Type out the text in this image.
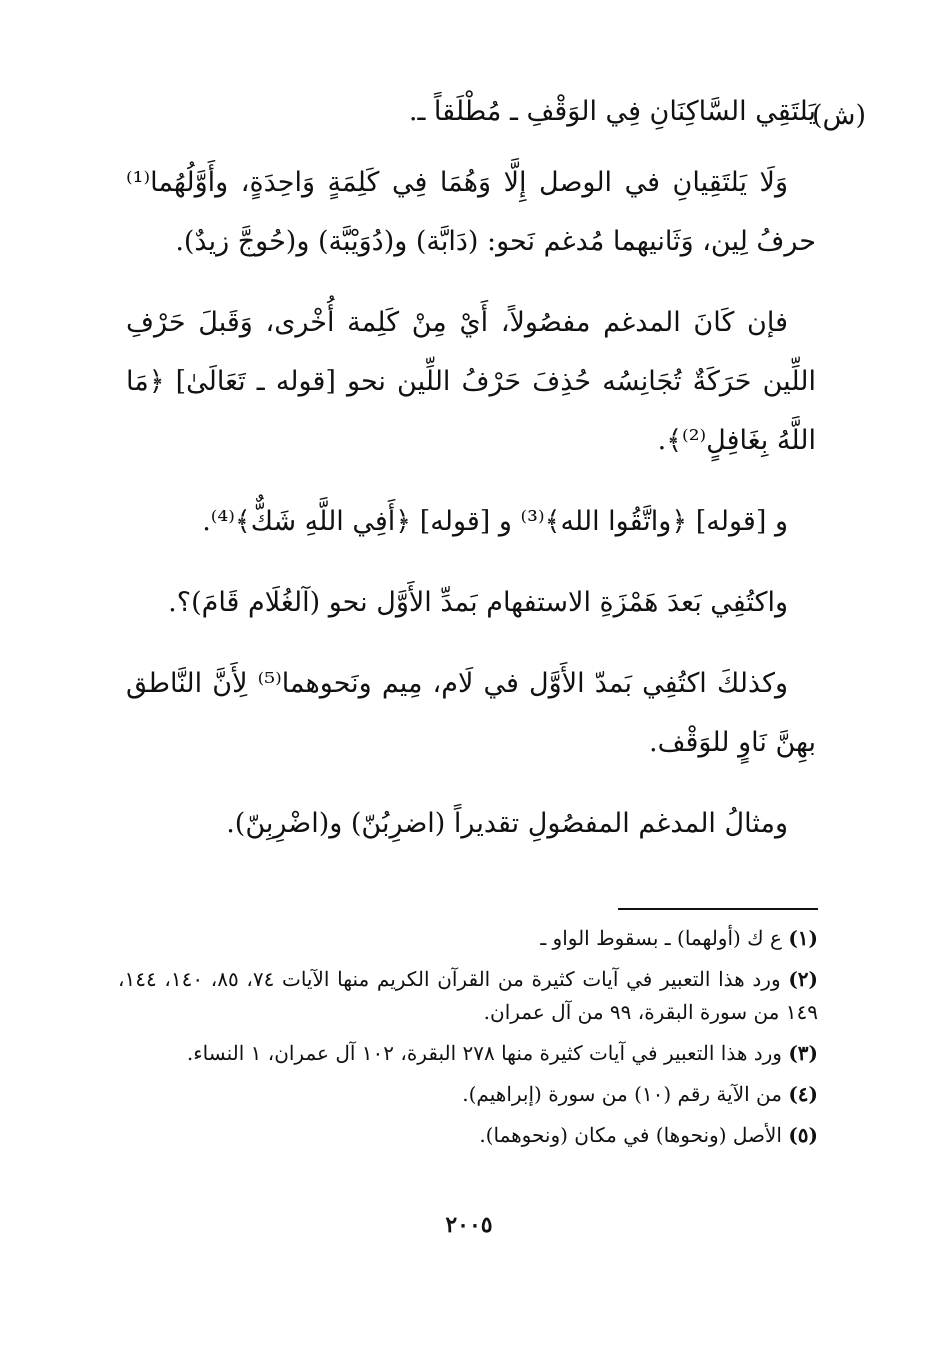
(ش)

يَلتَقِي السَّاكِنَانِ فِي الوَقْفِ ـ مُطْلَقاً ـ.

وَلَا يَلتَقِيانِ في الوصل إِلَّا وَهُمَا فِي كَلِمَةٍ وَاحِدَةٍ، وأَوَّلُهُما⁽¹⁾ حرفُ لِين، وَثَانيهما مُدغم نَحو: (دَابَّة) و(دُوَيْبَّة) و(حُوجَّ زيدٌ).

فإن كَانَ المدغم مفصُولاً، أَيْ مِنْ كَلِمة أُخْرى، وَقَبلَ حَرْفِ اللِّين حَرَكَةٌ تُجَانِسُه حُذِفَ حَرْفُ اللِّين نحو [قوله ـ تَعَالَىٰ] ﴿مَا اللَّهُ بِغَافِلٍ⁽²⁾﴾.

و [قوله] ﴿واتَّقُوا الله﴾⁽³⁾ و [قوله] ﴿أَفِي اللَّهِ شَكٌّ﴾⁽⁴⁾.

واكتُفِي بَعدَ هَمْزَةِ الاستفهام بَمدِّ الأَوَّل نحو (آلغُلَام قَامَ)؟.

وكذلكَ اكتُفِي بَمدّ الأَوَّل في لَام، مِيم ونَحوهما⁽⁵⁾ لِأَنَّ النَّاطق بهِنَّ نَاوٍ للوَقْف.

ومثالُ المدغم المفصُولِ تقديراً (اضرِبُنّ) و(اضْرِبِنّ).

(١) ع ك (أولهما) ـ بسقوط الواو ـ

(٢) ورد هذا التعبير في آيات كثيرة من القرآن الكريم منها الآيات ٧٤، ٨٥، ١٤٠، ١٤٤، ١٤٩ من سورة البقرة، ٩٩ من آل عمران.

(٣) ورد هذا التعبير في آيات كثيرة منها ٢٧٨ البقرة، ١٠٢ آل عمران، ١ النساء.

(٤) من الآية رقم (١٠) من سورة (إبراهيم).

(٥) الأصل (ونحوها) في مكان (ونحوهما).

٢٠٠٥
